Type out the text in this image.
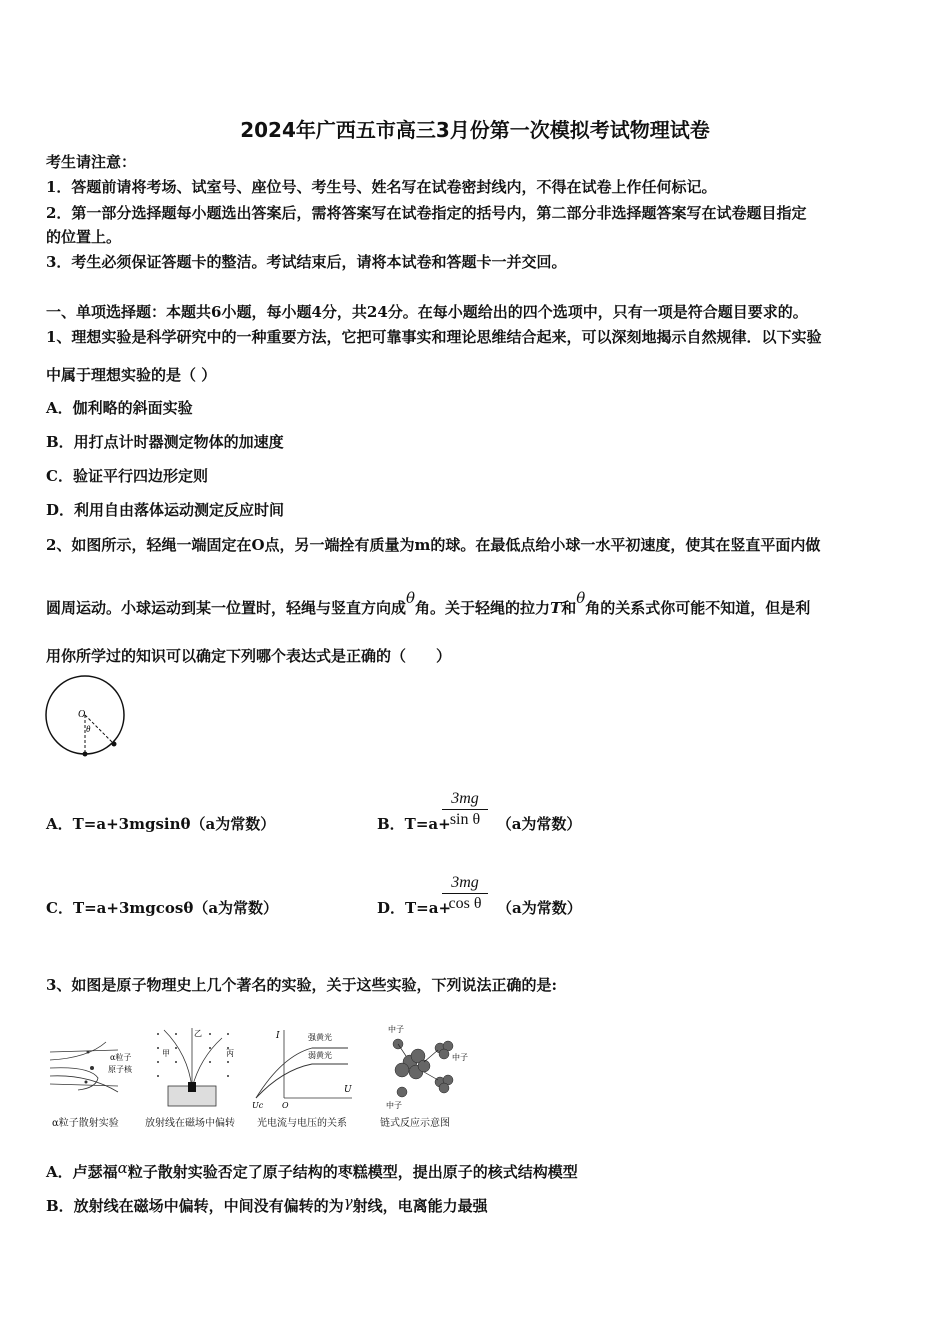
2024年广西五市高三3月份第一次模拟考试物理试卷
考生请注意：
1．答题前请将考场、试室号、座位号、考生号、姓名写在试卷密封线内，不得在试卷上作任何标记。
2．第一部分选择题每小题选出答案后，需将答案写在试卷指定的括号内，第二部分非选择题答案写在试卷题目指定
的位置上。
3．考生必须保证答题卡的整洁。考试结束后，请将本试卷和答题卡一并交回。
一、单项选择题：本题共6小题，每小题4分，共24分。在每小题给出的四个选项中，只有一项是符合题目要求的。
1、理想实验是科学研究中的一种重要方法，它把可靠事实和理论思维结合起来，可以深刻地揭示自然规律．以下实验
中属于理想实验的是（ ）
A．伽利略的斜面实验
B．用打点计时器测定物体的加速度
C．验证平行四边形定则
D．利用自由落体运动测定反应时间
2、如图所示，轻绳一端固定在O点，另一端拴有质量为m的球。在最低点给小球一水平初速度，使其在竖直平面内做
圆周运动。小球运动到某一位置时，轻绳与竖直方向成θ角。关于轻绳的拉力T和θ角的关系式你可能不知道，但是利
用你所学过的知识可以确定下列哪个表达式是正确的（　　）
O
θ
A．T=a+3mgsinθ（a为常数）	B．T=a+	（a为常数）
$\frac{3mg}{\text{sin θ}}$
C．T=a+3mgcosθ（a为常数）	D．T=a+	（a为常数）
$\frac{3mg}{\text{cos θ}}$
3、如图是原子物理史上几个著名的实验，关于这些实验，下列说法正确的是:
α粒子
原子核
甲
乙
丙
I
U
Uc O
强黄光
弱黄光
中子
中子
中子
α粒子散射实验	放射线在磁场中偏转 光电流与电压的关系	链式反应示意图
A．卢瑟福α粒子散射实验否定了原子结构的枣糕模型，提出原子的核式结构模型
B．放射线在磁场中偏转，中间没有偏转的为γ射线，电离能力最强
